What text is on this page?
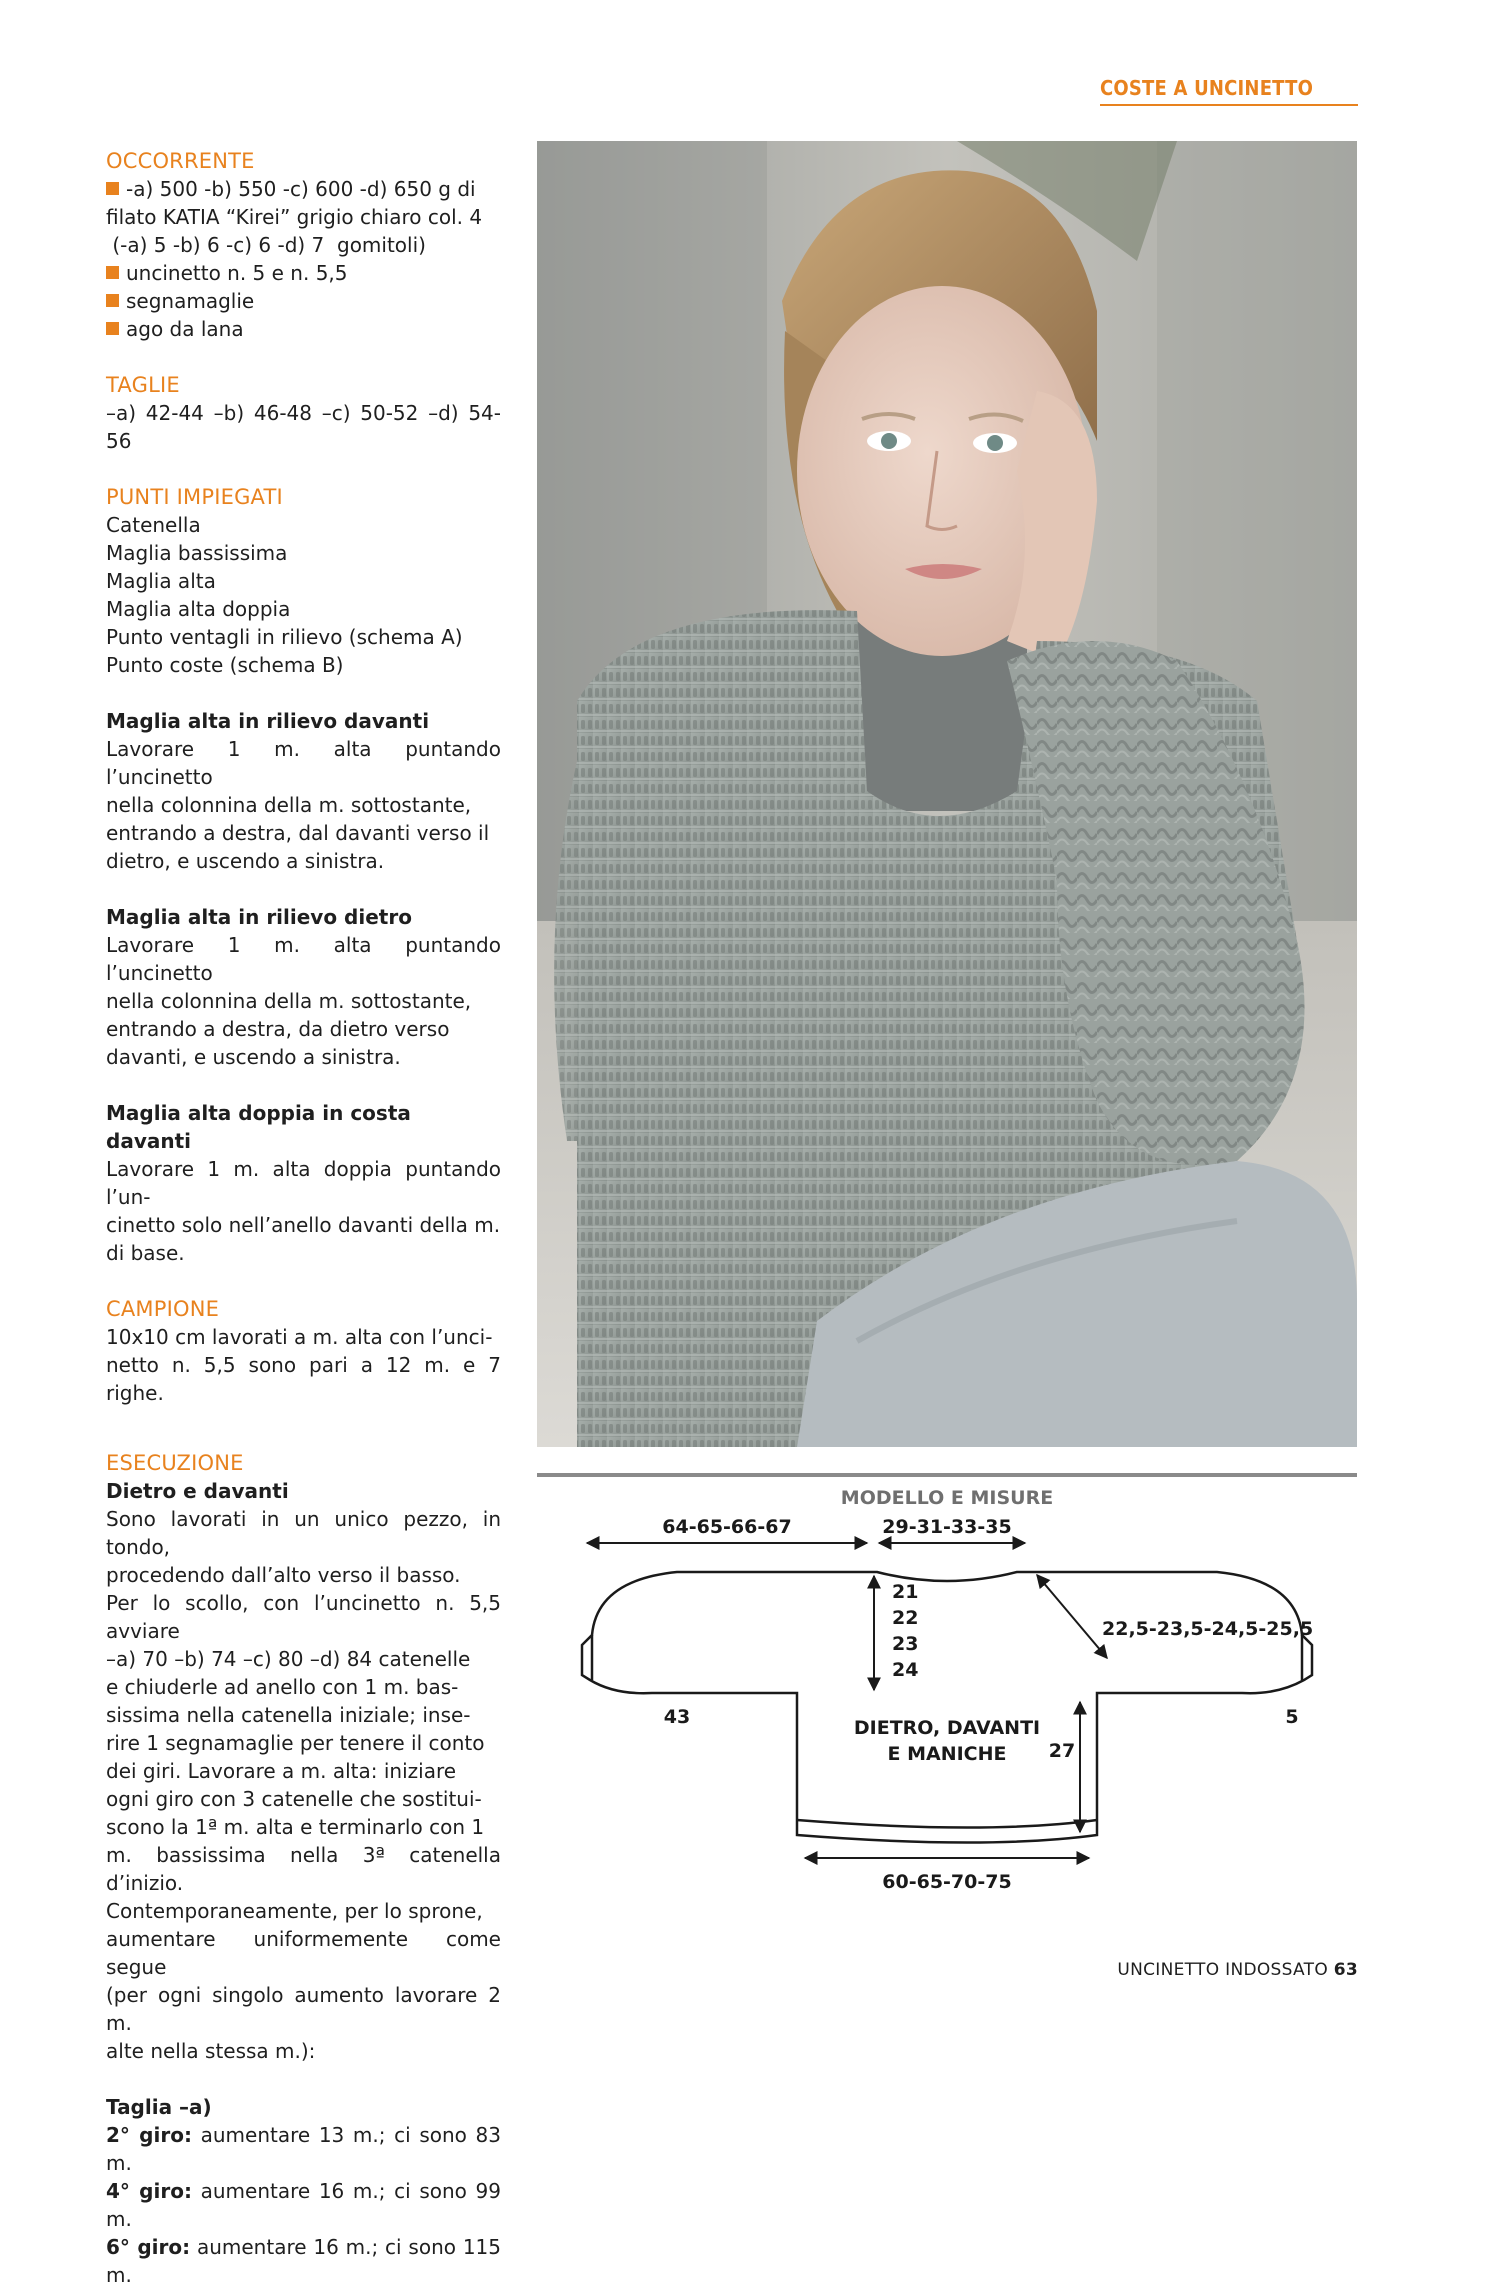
COSTE A UNCINETTO
OCCORRENTE

-a) 500 -b) 550 -c) 600 -d) 650 g di

filato KATIA “Kirei” grigio chiaro col. 4

(-a) 5 -b) 6 -c) 6 -d) 7  gomitoli)

uncinetto n. 5 e n. 5,5

segnamaglie

ago da lana

TAGLIE

–a) 42-44 –b) 46-48 –c) 50-52 –d) 54-56

PUNTI IMPIEGATI

Catenella

Maglia bassissima

Maglia alta

Maglia alta doppia

Punto ventagli in rilievo (schema A)

Punto coste (schema B)

Maglia alta in rilievo davanti

Lavorare 1 m. alta puntando l’uncinetto

nella colonnina della m. sottostante,

entrando a destra, dal davanti verso il

dietro, e uscendo a sinistra.

Maglia alta in rilievo dietro

Lavorare 1 m. alta puntando l’uncinetto

nella colonnina della m. sottostante,

entrando a destra, da dietro verso

davanti, e uscendo a sinistra.

Maglia alta doppia in costa davanti

Lavorare 1 m. alta doppia puntando l’un-

cinetto solo nell’anello davanti della m.

di base.

CAMPIONE

10x10 cm lavorati a m. alta con l’unci-

netto n. 5,5 sono pari a 12 m. e 7 righe.

ESECUZIONE
Dietro e davanti

Sono lavorati in un unico pezzo, in tondo,

procedendo dall’alto verso il basso.

Per lo scollo, con l’uncinetto n. 5,5 avviare

–a) 70 –b) 74 –c) 80 –d) 84 catenelle

e chiuderle ad anello con 1 m. bas-

sissima nella catenella iniziale; inse-

rire 1 segnamaglie per tenere il conto

dei giri. Lavorare a m. alta: iniziare

ogni giro con 3 catenelle che sostitui-

scono la 1ª m. alta e terminarlo con 1

m. bassissima nella 3ª catenella d’inizio.

Contemporaneamente, per lo sprone,

aumentare uniformemente come segue

(per ogni singolo aumento lavorare 2 m.

alte nella stessa m.):

Taglia –a)

2° giro: aumentare 13 m.; ci sono 83 m.

4° giro: aumentare 16 m.; ci sono 99 m.

6° giro: aumentare 16 m.; ci sono 115 m.

MODELLO E MISURE
64-65-66-67	29-31-33-35
21
22
23
24
22,5-23,5-24,5-25,5
43	5
DIETRO, DAVANTI
E MANICHE 27
60-65-70-75
UNCINETTO INDOSSATO 63
